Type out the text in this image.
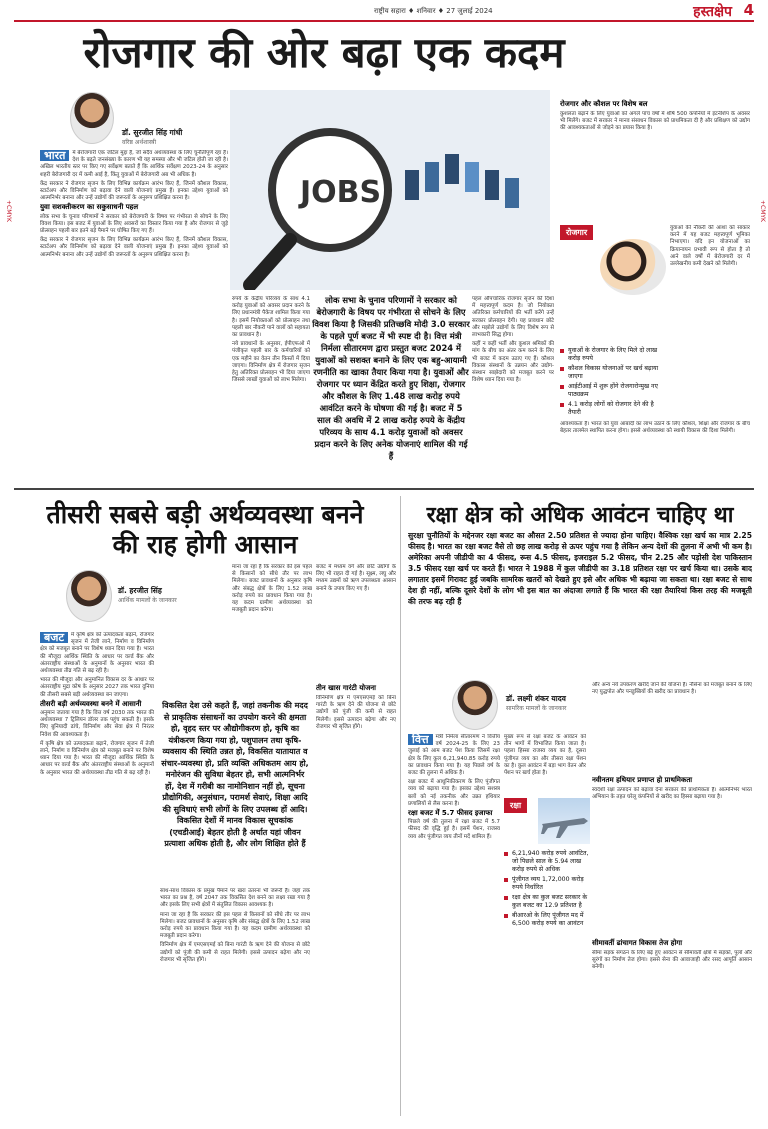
राष्ट्रीय सहारा ♦ शनिवार ♦ 27 जुलाई 2024	हस्तक्षेप 4
+CMYK	+CMYK
रोजगार की ओर बढ़ा एक कदम
डॉ. सुरजीत सिंह गांधी
वरिष्ठ अर्थशास्त्री
JOBS

भारत	में बेरोजगारी एक जटिल मुद्दा है, जो सदैव अर्थव्यवस्था के लिए चुनौतीपूर्ण रहा है। देश के बढ़ते जनसंख्या के कारण भी यह समस्या और भी जटिल होती जा रही है। अखिल भारतीय स्तर पर किए गए सर्वेक्षण बताते हैं कि आर्थिक सर्वेक्षण 2023-24 के अनुसार शहरी बेरोजगारी दर में कमी आई है, किंतु युवाओं में बेरोजगारी अब भी अधिक है।

केंद्र सरकार ने रोजगार सृजन के लिए विभिन्न कार्यक्रम आरंभ किए हैं, जिनमें कौशल विकास, स्टार्टअप और विनिर्माण को बढ़ावा देने वाली योजनाएं प्रमुख हैं। इनका उद्देश्य युवाओं को आत्मनिर्भर बनाना और उन्हें उद्योगों की जरूरतों के अनुरूप प्रशिक्षित करना है।

युवा सशक्तीकरण का सकुसाधनी पहल

लोक सभा के चुनाव परिणामों ने सरकार को बेरोजगारी के विषय पर गंभीरता से सोचने के लिए विवश किया। इस बजट में युवाओं के लिए अवसरों का विस्तार किया गया है और रोजगार से जुड़े प्रोत्साहन पहली बार इतने बड़े पैमाने पर घोषित किए गए हैं।

केंद्र सरकार ने रोजगार सृजन के लिए विभिन्न कार्यक्रम आरंभ किए हैं, जिनमें कौशल विकास, स्टार्टअप और विनिर्माण को बढ़ावा देने वाली योजनाएं प्रमुख हैं। इनका उद्देश्य युवाओं को आत्मनिर्भर बनाना और उन्हें उद्योगों की जरूरतों के अनुरूप प्रशिक्षित करना है।

रुपये के केंद्रीय परिव्यय के साथ 4.1 करोड़ युवाओं को अवसर प्रदान करने के लिए प्रधानमंत्री पैकेज शामिल किया गया है। इसमें नियोक्ताओं को प्रोत्साहन तथा पहली बार नौकरी पाने वालों को सहायता का प्रावधान है।

नये प्रावधानों के अनुसार, ईपीएफओ में पंजीकृत पहली बार के कर्मचारियों को एक महीने का वेतन तीन किस्तों में दिया जाएगा। विनिर्माण क्षेत्र में रोजगार सृजन हेतु अतिरिक्त प्रोत्साहन भी दिया जाएगा जिससे लाखों युवाओं को लाभ मिलेगा।

लोक सभा के चुनाव परिणामों ने सरकार को बेरोजगारी के विषय पर गंभीरता से सोचने के लिए विवश किया है जिसकी प्रतिच्छवि मोदी 3.0 सरकार के पहले पूर्ण बजट में भी स्पष्ट दी है। वित्त मंत्री निर्मला सीतारमण द्वारा प्रस्तुत बजट 2024 में युवाओं को सशक्त बनाने के लिए एक बहु-आयामी रणनीति का खाका तैयार किया गया है। युवाओं और रोजगार पर ध्यान केंद्रित करते हुए शिक्षा, रोजगार और कौशल के लिए 1.48 लाख करोड़ रुपये आवंटित करने के घोषणा की गई है। बजट में 5 साल की अवधि में 2 लाख करोड़ रुपये के केंद्रीय परिव्यय के साथ 4.1 करोड़ युवाओं को अवसर प्रदान करने के लिए अनेक योजनाएं शामिल की गई हैं

पहल औपचारिक रोजगार सृजन की दिशा में महत्त्वपूर्ण कदम है। जो नियोक्ता अतिरिक्त कर्मचारियों की भर्ती करेंगे उन्हें सरकार प्रोत्साहन देगी। यह प्रावधान छोटे और मझोले उद्योगों के लिए विशेष रूप से लाभकारी सिद्ध होगा।

कहीं न कहीं भर्ती और कुशल श्रमिकों की मांग के बीच का अंतर कम करने के लिए भी बजट में कदम उठाए गए हैं। कौशल विकास संस्थानों के उन्नयन और उद्योग-संस्थान साझेदारी को मजबूत करने पर विशेष ध्यान दिया गया है।

रोजगार और कौशल पर विशेष बल
कुशलता बढ़ाने के लिए युवाओं को अगले पांच वर्षों में शीर्ष 500 कंपनियों में इंटर्नशिप के अवसर भी मिलेंगे। बजट में सरकार ने मानव संसाधन विकास को प्राथमिकता दी है और प्रशिक्षण को उद्योग की आवश्यकताओं से जोड़ने का प्रयास किया है।
रोजगार	युवाओं की नौकरी की आशा को साकार करने में यह बजट महत्त्वपूर्ण भूमिका निभाएगा। यदि इन योजनाओं का क्रियान्वयन प्रभावी रूप से होता है तो आने वाले वर्षों में बेरोजगारी दर में उल्लेखनीय कमी देखने को मिलेगी।
युवाओं के रोजगार के लिए मिले दो लाख करोड़ रुपये
कौशल विकास योजनाओं पर खर्च बढ़ाया जाएगा
आईटीआई में शुरू होंगे रोजगारोन्मुख नए पाठ्यक्रम
4.1 करोड़ लोगों को रोजगार देने की है तैयारी
आवश्यकता है। भारत को युवा आबादी का लाभ उठाने के लिए कौशल, शिक्षा और रोजगार के बीच बेहतर तालमेल स्थापित करना होगा। इससे अर्थव्यवस्था को स्थायी विकास की दिशा मिलेगी।
तीसरी सबसे बड़ी अर्थव्यवस्था बनने की राह होगी आसान
डॉ. हरजीत सिंह
आर्थिक मामलों के जानकार

बजट	में कृषि क्षेत्र को उत्पादकता बढ़ाने, रोजगार सृजन में तेजी लाने, निर्माण व विनिर्माण क्षेत्र को मजबूत बनाने पर विशेष ध्यान दिया गया है। भारत की मौजूदा आर्थिक स्थिति के आधार पर वर्ल्ड बैंक और अंतरराष्ट्रीय संस्थाओं के अनुमानों के अनुसार भारत की अर्थव्यवस्था तीव्र गति से बढ़ रही है।

भारत की मौजूदा और अनुमानित विकास दर के आधार पर अंतरराष्ट्रीय मुद्रा कोष के अनुसार 2027 तक भारत दुनिया की तीसरी सबसे बड़ी अर्थव्यवस्था बन जाएगा।

तीसरी बड़ी अर्थव्यवस्था बनने में आसानी

अनुमान जताया गया है कि वित्त वर्ष 2030 तक भारत की अर्थव्यवस्था 7 ट्रिलियन डॉलर तक पहुंच सकती है। इसके लिए बुनियादी ढांचे, विनिर्माण और सेवा क्षेत्र में निरंतर निवेश की आवश्यकता है।

में कृषि क्षेत्र को उत्पादकता बढ़ाने, रोजगार सृजन में तेजी लाने, निर्माण व विनिर्माण क्षेत्र को मजबूत बनाने पर विशेष ध्यान दिया गया है। भारत की मौजूदा आर्थिक स्थिति के आधार पर वर्ल्ड बैंक और अंतरराष्ट्रीय संस्थाओं के अनुमानों के अनुसार भारत की अर्थव्यवस्था तीव्र गति से बढ़ रही है।

माना जा रहा है कि सरकार की इस पहल से किसानों को सीधे तौर पर लाभ मिलेगा। बजट प्रावधानों के अनुसार कृषि और संबद्ध क्षेत्रों के लिए 1.52 लाख करोड़ रुपये का प्रावधान किया गया है। यह कदम ग्रामीण अर्थव्यवस्था को मजबूती प्रदान करेगा।

बजट में मध्यम वर्ग और छोटे उद्योगों के लिए भी राहत दी गई है। सूक्ष्म, लघु और मध्यम उद्यमों को ऋण उपलब्धता आसान बनाने के उपाय किए गए हैं।

विकसित देश उसे कहते हैं, जहां तकनीक की मदद से प्राकृतिक संसाधनों का उपयोग करने की क्षमता हो, वृहद स्तर पर औद्योगीकरण हो, कृषि का यंत्रीकरण किया गया हो, पशुपालन तथा कृषि-व्यवसाय की स्थिति उन्नत हो, विकसित यातायात व संचार-व्यवस्था हो, प्रति व्यक्ति अधिकतम आय हो, मनोरंजन की सुविधा बेहतर हो, सभी आत्मनिर्भर हों, देश में गरीबी का नामोनिशान नहीं हो, सूचना प्रौद्योगिकी, अनुसंधान, परामर्श सेवाएं, शिक्षा आदि की सुविधाएं सभी लोगों के लिए उपलब्ध हों आदि। विकसित देशों में मानव विकास सूचकांक (एचडीआई) बेहतर होती है अर्थात यहां जीवन प्रत्याशा अधिक होती है, और लोग शिक्षित होते हैं
तीन खास गारंटी योजना
विनिर्माण क्षेत्र में एमएसएमई को बिना गारंटी के ऋण देने की योजना से छोटे उद्योगों को पूंजी की कमी से राहत मिलेगी। इससे उत्पादन बढ़ेगा और नए रोजगार भी सृजित होंगे।

साथ-साथ विकास के प्रमुख पैमाने पर खरा उतरना भी जरूरी है। जहां तक भारत का प्रश्न है, वर्ष 2047 तक विकसित देश बनने का लक्ष्य रखा गया है और इसके लिए सभी क्षेत्रों में संतुलित विकास आवश्यक है।

माना जा रहा है कि सरकार की इस पहल से किसानों को सीधे तौर पर लाभ मिलेगा। बजट प्रावधानों के अनुसार कृषि और संबद्ध क्षेत्रों के लिए 1.52 लाख करोड़ रुपये का प्रावधान किया गया है। यह कदम ग्रामीण अर्थव्यवस्था को मजबूती प्रदान करेगा।

विनिर्माण क्षेत्र में एमएसएमई को बिना गारंटी के ऋण देने की योजना से छोटे उद्योगों को पूंजी की कमी से राहत मिलेगी। इससे उत्पादन बढ़ेगा और नए रोजगार भी सृजित होंगे।

रक्षा क्षेत्र को अधिक आवंटन चाहिए था
सुरक्षा चुनौतियों के मद्देनजर रक्षा बजट का औसत 2.50 प्रतिशत से ज्यादा होना चाहिए। वैश्विक रक्षा खर्च का मात्र 2.25 फीसद है। भारत का रक्षा बजट वैसे तो छह लाख करोड़ से ऊपर पहुंच गया है लेकिन अन्य देशों की तुलना में अभी भी कम है। अमेरिका अपनी जीडीपी का 4 फीसद, रूस 4.5 फीसद, इजराइल 5.2 फीसद, चीन 2.25 और पड़ोसी देश पाकिस्तान 3.5 फीसद रक्षा खर्च पर करते हैं। भारत ने 1988 में कुल जीडीपी का 3.18 प्रतिशत रक्षा पर खर्च किया था। उसके बाद लगातार इसमें गिरावट हुई जबकि सामरिक खतरों को देखते हुए इसे और अधिक भी बढ़ाया जा सकता था। रक्षा बजट से साथ देश ही नहीं, बल्कि दूसरे देशों के लोग भी इस बात का अंदाजा लगाते हैं कि भारत की रक्षा तैयारियां किस तरह की मजबूती की तरफ बढ़ रही हैं
डॉ. लक्ष्मी शंकर यादव
सामरिक मामलों के जानकार

वित्त	मंत्री निर्मला सीतारमण ने वित्तीय वर्ष 2024-25 के लिए 23 जुलाई को आम बजट पेश किया जिसमें रक्षा क्षेत्र के लिए कुल 6,21,940.85 करोड़ रुपये का प्रावधान किया गया है। यह पिछले वर्ष के बजट की तुलना में अधिक है।

रक्षा बजट में आधुनिकीकरण के लिए पूंजीगत व्यय को बढ़ाया गया है। इसका उद्देश्य सशस्त्र बलों को नई तकनीक और उन्नत हथियार प्रणालियों से लैस करना है।

रक्षा बजट में 5.7 फीसद इजाफा

पिछले वर्ष की तुलना में रक्षा बजट में 5.7 फीसद की वृद्धि हुई है। इसमें पेंशन, राजस्व व्यय और पूंजीगत व्यय तीनों मदें शामिल हैं।

मुख्य रूप से रक्षा बजट के आवंटन को तीन भागों में विभाजित किया जाता है। पहला हिस्सा राजस्व व्यय का है, दूसरा पूंजीगत व्यय का और तीसरा रक्षा पेंशन का है। कुल आवंटन में बड़ा भाग वेतन और पेंशन पर खर्च होता है।

रक्षा
6,21,940 करोड़ रुपये आवंटित, जो पिछले साल के 5.94 लाख करोड़ रुपये से अधिक
पूंजीगत व्यय 1,72,000 करोड़ रुपये निर्धारित
रक्षा क्षेत्र का कुल बजट सरकार के कुल बजट का 12.9 प्रतिशत है
बीआरओ के लिए पूंजीगत मद में 6,500 करोड़ रुपये का आवंटन
और अन्य नये उपकरण खरीदे जाने की योजना है। नौसेना को मजबूत बनाने के लिए नए युद्धपोत और पनडुब्बियों की खरीद का प्रावधान है।
नवीनतम हथियार प्रणाप्त हो प्राथमिकता
स्वदेशी रक्षा उत्पादन को बढ़ावा देना सरकार की प्राथमिकता है। आत्मनिर्भर भारत अभियान के तहत घरेलू कंपनियों से खरीद का हिस्सा बढ़ाया गया है।
सीमावर्ती ढांचागत विकास तेज होगा
सीमा सड़क संगठन के लिए बढ़े हुए आवंटन से सीमावर्ती क्षेत्रों में सड़कों, पुलों और सुरंगों का निर्माण तेज होगा। इससे सेना की आवाजाही और रसद आपूर्ति आसान बनेगी।
